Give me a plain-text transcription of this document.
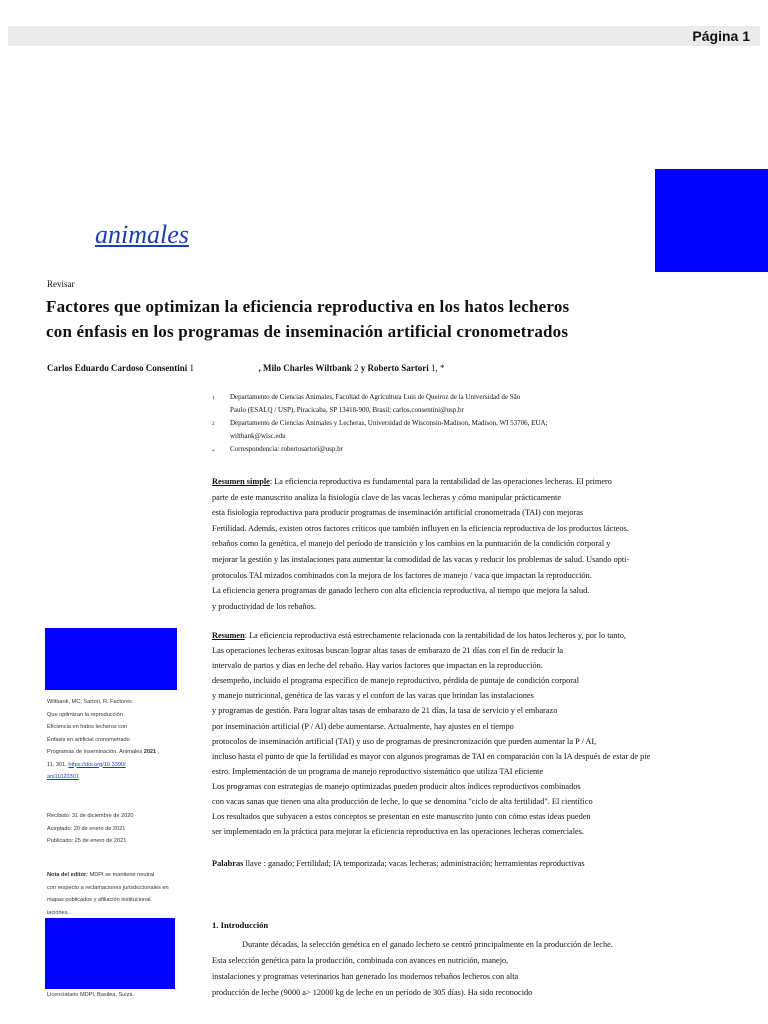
Página 1
animales
Revisar
Factores que optimizan la eficiencia reproductiva en los hatos lecheros
con énfasis en los programas de inseminación artificial cronometrados
Carlos Eduardo Cardoso Consentini 1	, Milo Charles Wiltbank 2 y Roberto Sartori 1, *
1 Departamento de Ciencias Animales, Facultad de Agricultura Luis de Queiroz de la Universidad de São
Paulo (ESALQ / USP), Piracicaba, SP 13418-900, Brasil; carlos.consentini@usp.br
Departamento de Ciencias Animales y Lecheras, Universidad de Wisconsin-Madison, Madison, WI 53706, EUA;
wiltbank@wisc.edu
Correspondencia: robertosartori@usp.br
2
*
Resumen simple: La eficiencia reproductiva es fundamental para la rentabilidad de las operaciones lecheras. El primero
parte de este manuscrito analiza la fisiología clave de las vacas lecheras y cómo manipular prácticamente
esta fisiología reproductiva para producir programas de inseminación artificial cronometrada (TAI) con mejoras
Fertilidad. Además, existen otros factores críticos que también influyen en la eficiencia reproductiva de los productos lácteos.
rebaños como la genética, el manejo del período de transición y los cambios en la puntuación de la condición corporal y
mejorar la gestión y las instalaciones para aumentar la comodidad de las vacas y reducir los problemas de salud. Usando opti-
protocolos TAI mizados combinados con la mejora de los factores de manejo / vaca que impactan la reproducción.
La eficiencia genera programas de ganado lechero con alta eficiencia reproductiva, al tiempo que mejora la salud.
y productividad de los rebaños.
Resumen: La eficiencia reproductiva está estrechamente relacionada con la rentabilidad de los hatos lecheros y, por lo tanto,
Las operaciones lecheras exitosas buscan lograr altas tasas de embarazo de 21 días con el fin de reducir la
intervalo de partos y días en leche del rebaño. Hay varios factores que impactan en la reproducción.
desempeño, incluido el programa específico de manejo reproductivo, pérdida de puntaje de condición corporal
y manejo nutricional, genética de las vacas y el confort de las vacas que brindan las instalaciones
y programas de gestión. Para lograr altas tasas de embarazo de 21 días, la tasa de servicio y el embarazo
por inseminación artificial (P / AI) debe aumentarse. Actualmente, hay ajustes en el tiempo
protocolos de inseminación artificial (TAI) y uso de programas de presincronización que pueden aumentar la P / AI,
incluso hasta el punto de que la fertilidad es mayor con algunos programas de TAI en comparación con la IA después de estar de pie
estro. Implementación de un programa de manejo reproductivo sistemático que utiliza TAI eficiente
Los programas con estrategias de manejo optimizadas pueden producir altos índices reproductivos combinados
con vacas sanas que tienen una alta producción de leche, lo que se denomina "ciclo de alta fertilidad". El científico
Los resultados que subyacen a estos conceptos se presentan en este manuscrito junto con cómo estas ideas pueden
ser implementado en la práctica para mejorar la eficiencia reproductiva en las operaciones lecheras comerciales.
Palabras llave : ganado; Fertilidad; IA temporizada; vacas lecheras; administración; herramientas reproductivas
1. Introducción
Durante décadas, la selección genética en el ganado lechero se centró principalmente en la producción de leche.
Esta selección genética para la producción, combinada con avances en nutrición, manejo,
instalaciones y programas veterinarios han generado los modernos rebaños lecheros con alta
producción de leche (9000 a> 12000 kg de leche en un período de 305 días). Ha sido reconocido
Wiltbank, MC; Sartori, R. Factores
Que optimizan la reproducción
Eficiencia en hatos lecheros con
Énfasis en artificial cronometrado
Programas de inseminación. Animales 2021 ,
11, 301. https://doi.org/10.3390/
ani11020301
Recibido: 31 de diciembre de 2020
Aceptado: 20 de enero de 2021
Publicado: 25 de enero de 2021
Nota del editor: MDPI se mantiene neutral
con respecto a reclamaciones jurisdiccionales en
mapas publicados y afiliación institucional
iaciones.
Licenciatario MDPI, Basilea, Suiza.
